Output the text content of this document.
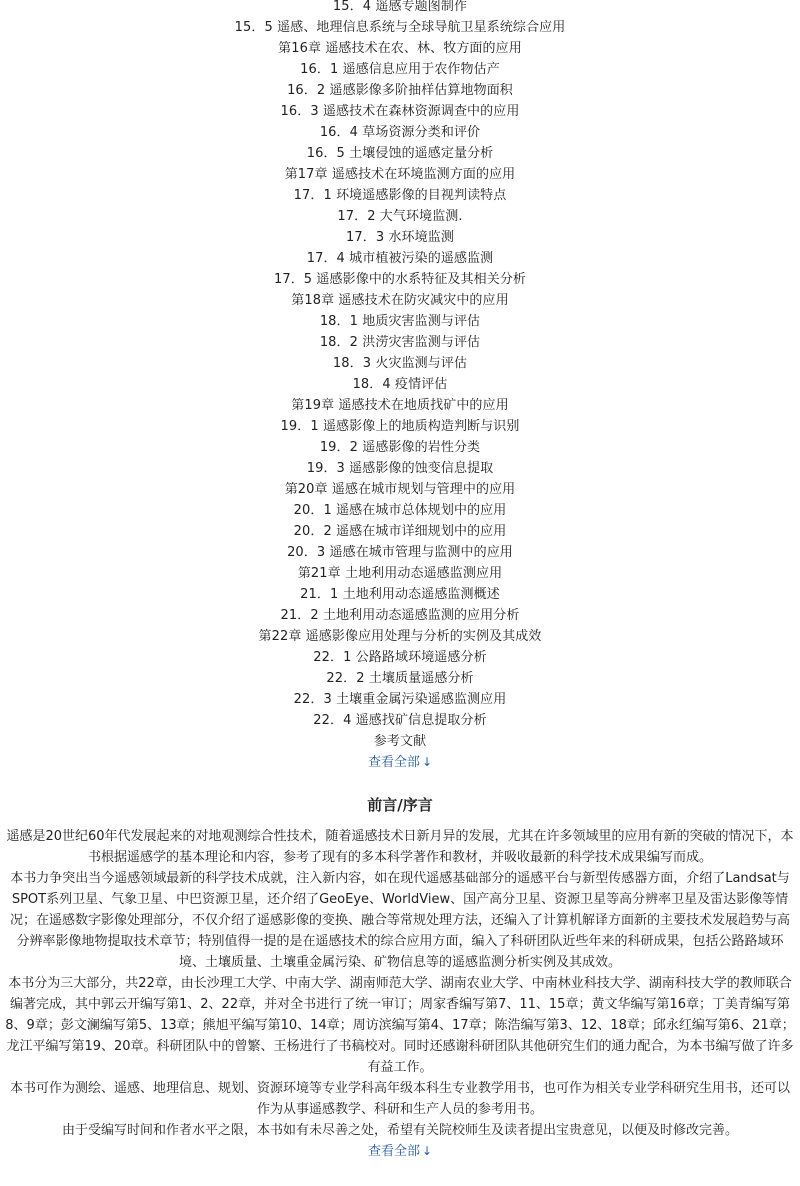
15．4 遥感专题图制作
15．5 遥感、地理信息系统与全球导航卫星系统综合应用
第16章 遥感技术在农、林、牧方面的应用
16．1 遥感信息应用于农作物估产
16．2 遥感影像多阶抽样估算地物面积
16．3 遥感技术在森林资源调查中的应用
16．4 草场资源分类和评价
16．5 土壤侵蚀的遥感定量分析
第17章 遥感技术在环境监测方面的应用
17．1 环境遥感影像的目视判读特点
17．2 大气环境监测.
17．3 水环境监测
17．4 城市植被污染的遥感监测
17．5 遥感影像中的水系特征及其相关分析
第18章 遥感技术在防灾减灾中的应用
18．1 地质灾害监测与评估
18．2 洪涝灾害监测与评估
18．3 火灾监测与评估
18．4 疫情评估
第19章 遥感技术在地质找矿中的应用
19．1 遥感影像上的地质构造判断与识别
19．2 遥感影像的岩性分类
19．3 遥感影像的蚀变信息提取
第20章 遥感在城市规划与管理中的应用
20．1 遥感在城市总体规划中的应用
20．2 遥感在城市详细规划中的应用
20．3 遥感在城市管理与监测中的应用
第21章 土地利用动态遥感监测应用
21．1 土地利用动态遥感监测概述
21．2 土地利用动态遥感监测的应用分析
第22章 遥感影像应用处理与分析的实例及其成效
22．1 公路路域环境遥感分析
22．2 土壤质量遥感分析
22．3 土壤重金属污染遥感监测应用
22．4 遥感找矿信息提取分析
参考文献
查看全部 ↓
前言/序言

遥感是20世纪60年代发展起来的对地观测综合性技术，随着遥感技术日新月异的发展，尤其在许多领域里的应用有新的突破的情况下，本书根据遥感学的基本理论和内容，参考了现有的多本科学著作和教材，并吸收最新的科学技术成果编写而成。

本书力争突出当今遥感领域最新的科学技术成就，注入新内容，如在现代遥感基础部分的遥感平台与新型传感器方面，介绍了Landsat与SPOT系列卫星、气象卫星、中巴资源卫星，还介绍了GeoEye、WorldView、国产高分卫星、资源卫星等高分辨率卫星及雷达影像等情况；在遥感数字影像处理部分，不仅介绍了遥感影像的变换、融合等常规处理方法，还编入了计算机解译方面新的主要技术发展趋势与高分辨率影像地物提取技术章节；特别值得一提的是在遥感技术的综合应用方面，编入了科研团队近些年来的科研成果，包括公路路域环境、土壤质量、土壤重金属污染、矿物信息等的遥感监测分析实例及其成效。

本书分为三大部分，共22章，由长沙理工大学、中南大学、湖南师范大学、湖南农业大学、中南林业科技大学、湖南科技大学的教师联合编著完成，其中郭云开编写第1、2、22章，并对全书进行了统一审订；周家香编写第7、11、15章；黄文华编写第16章；丁美青编写第8、9章；彭文澜编写第5、13章；熊旭平编写第10、14章；周访滨编写第4、17章；陈浩编写第3、12、18章；邱永红编写第6、21章；龙江平编写第19、20章。科研团队中的曾繁、王杨进行了书稿校对。同时还感谢科研团队其他研究生们的通力配合，为本书编写做了许多有益工作。

本书可作为测绘、遥感、地理信息、规划、资源环境等专业学科高年级本科生专业教学用书，也可作为相关专业学科研究生用书，还可以作为从事遥感教学、科研和生产人员的参考用书。

由于受编写时间和作者水平之限，本书如有未尽善之处，希望有关院校师生及读者提出宝贵意见，以便及时修改完善。

查看全部 ↓
